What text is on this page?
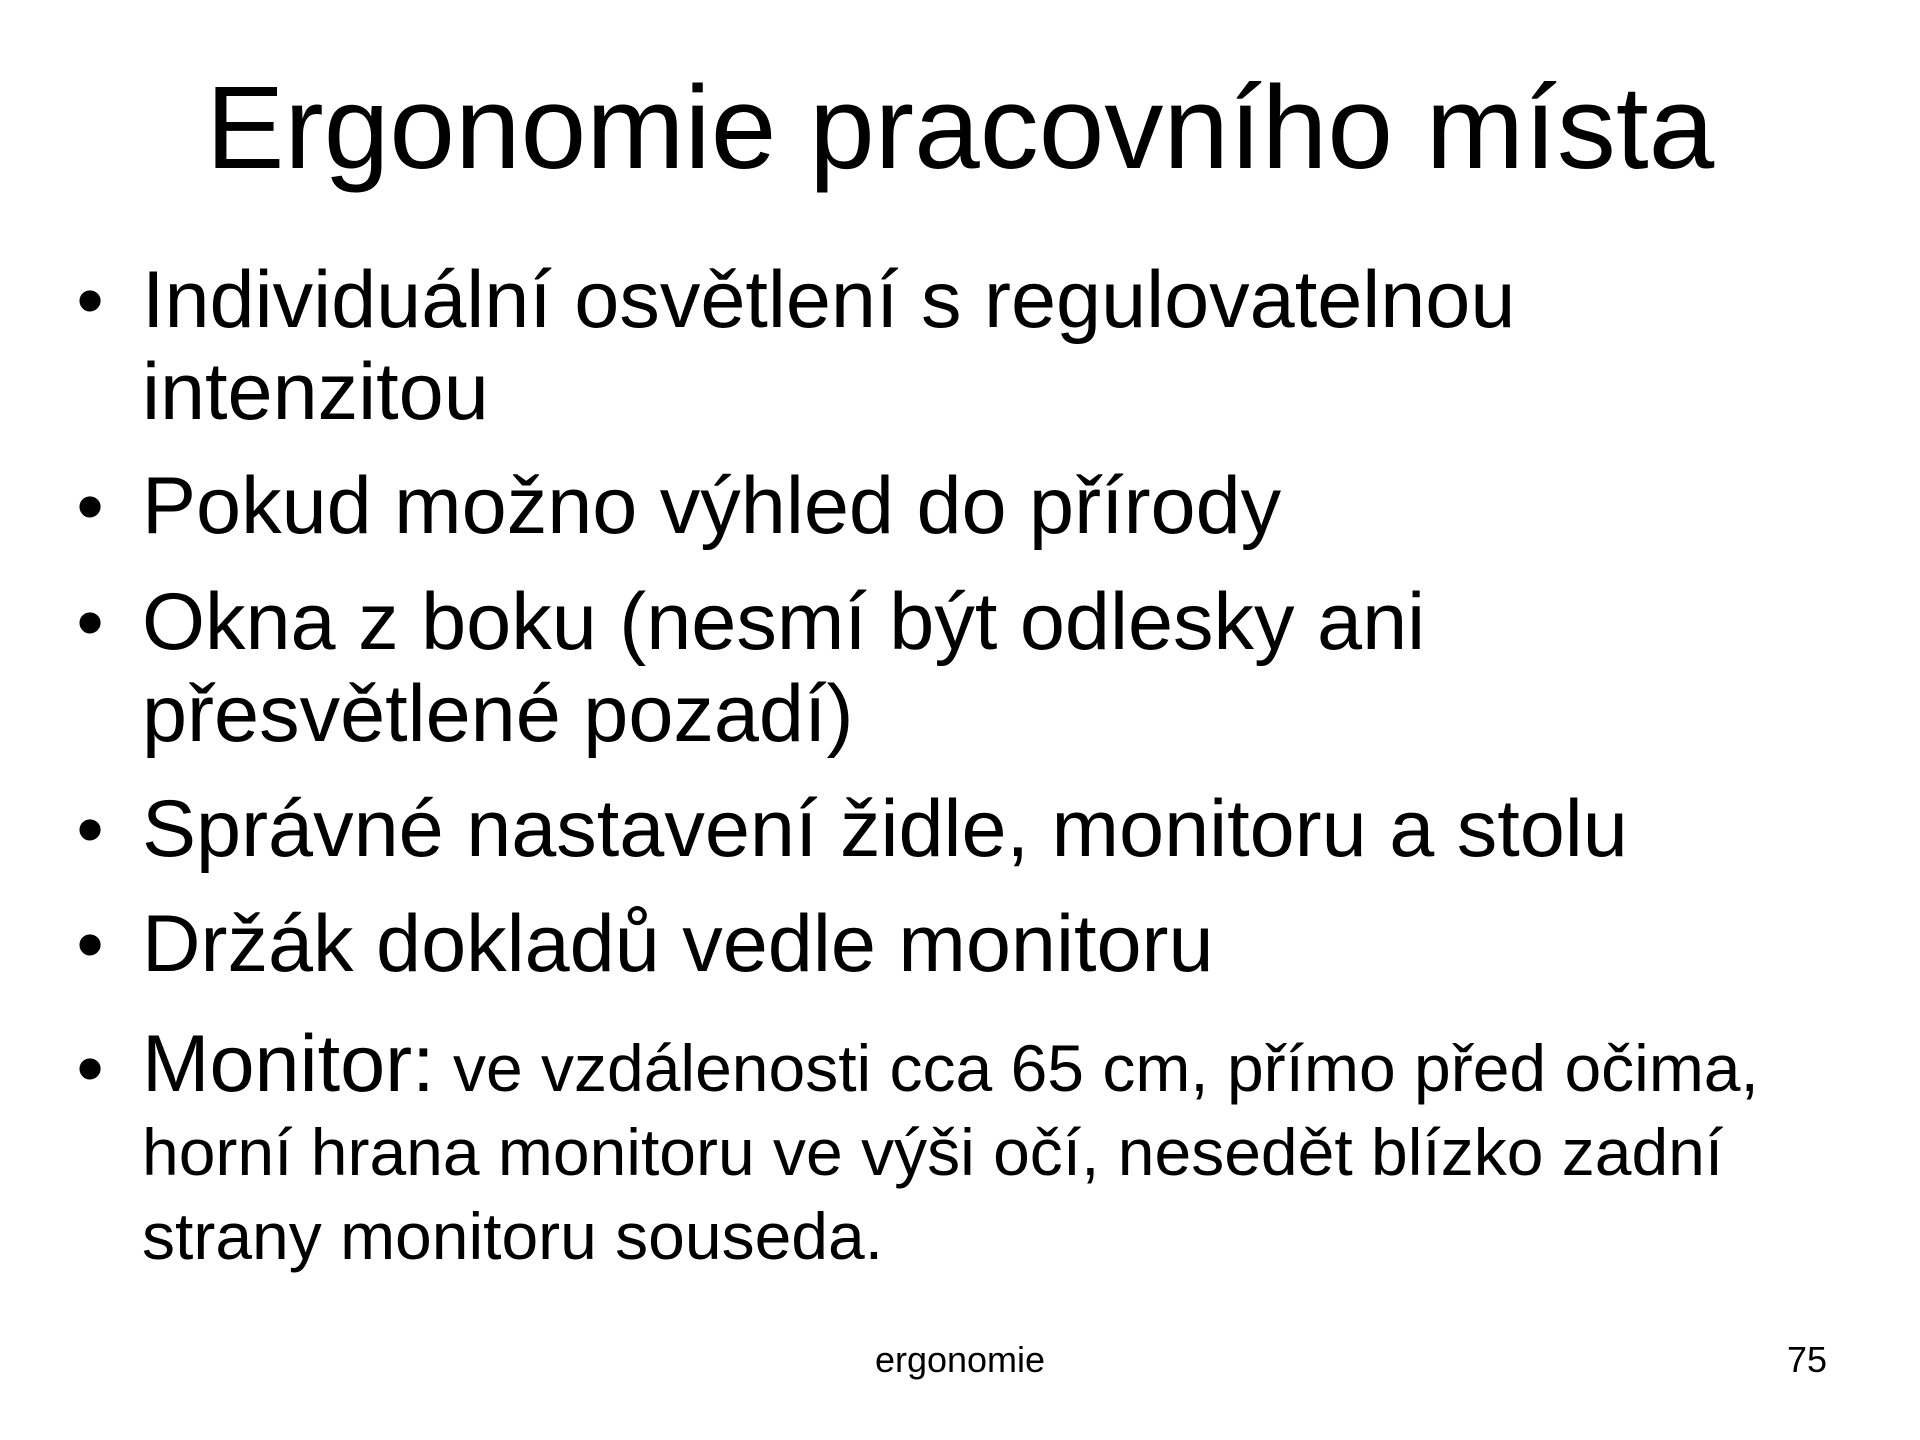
Ergonomie pracovního místa
• Individuální osvětlení s regulovatelnou intenzitou
• Pokud možno výhled do přírody
• Okna z boku (nesmí být odlesky ani přesvětlené pozadí)
• Správné nastavení židle, monitoru a stolu
• Držák dokladů vedle monitoru
• Monitor: ve vzdálenosti cca 65 cm, přímo před očima, horní hrana monitoru ve výši očí, nesedět blízko zadní strany monitoru souseda.
ergonomie	75
